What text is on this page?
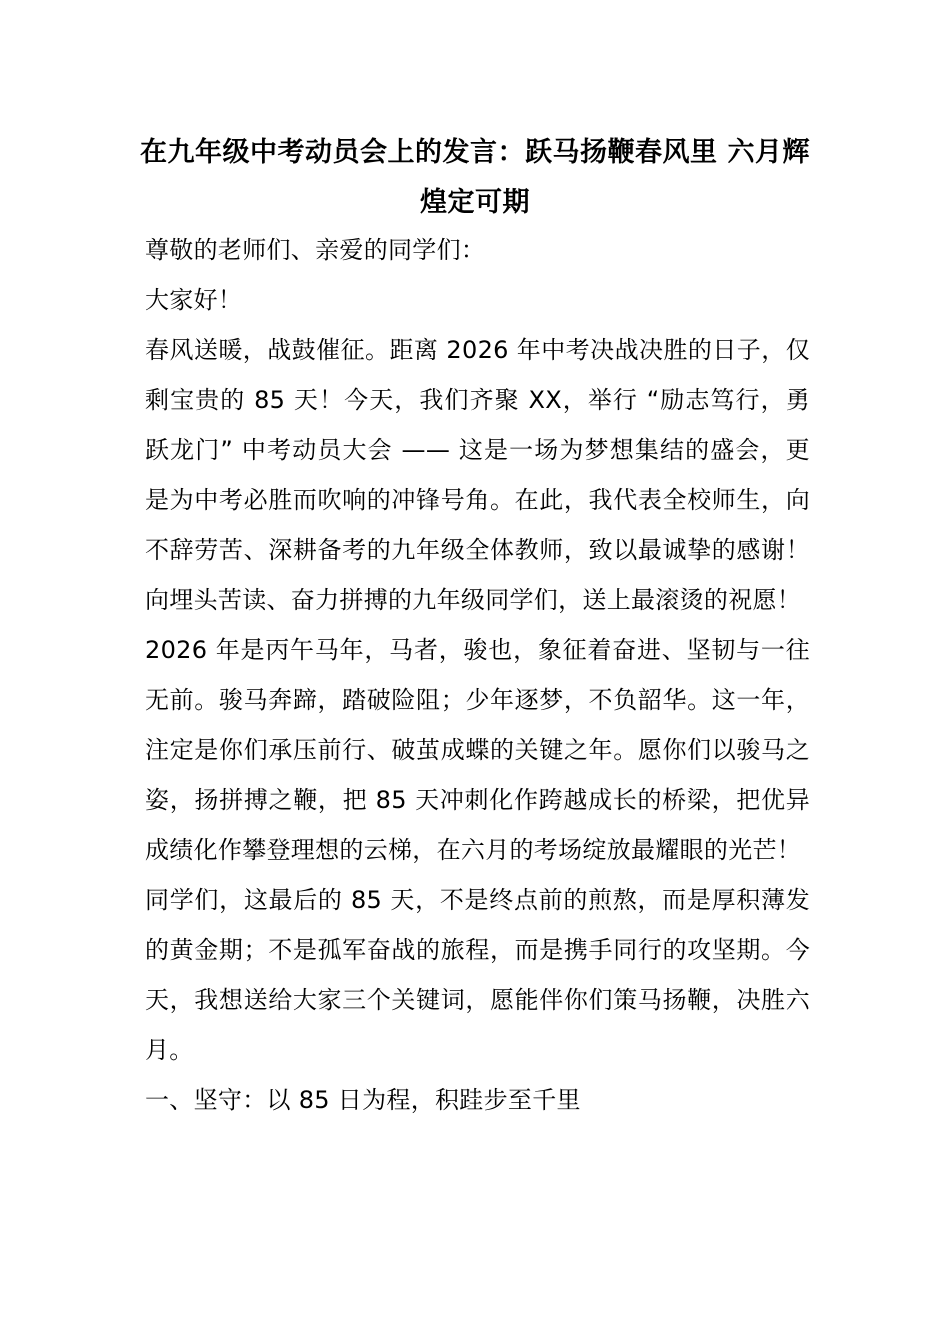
在九年级中考动员会上的发言：跃马扬鞭春风里 六月辉煌定可期

尊敬的老师们、亲爱的同学们：

大家好！

春风送暖，战鼓催征。距离 2026 年中考决战决胜的日子，仅剩宝贵的 85 天！今天，我们齐聚 XX，举行 “励志笃行，勇跃龙门” 中考动员大会 —— 这是一场为梦想集结的盛会，更是为中考必胜而吹响的冲锋号角。在此，我代表全校师生，向不辞劳苦、深耕备考的九年级全体教师，致以最诚挚的感谢！向埋头苦读、奋力拼搏的九年级同学们，送上最滚烫的祝愿！

2026 年是丙午马年，马者，骏也，象征着奋进、坚韧与一往无前。骏马奔蹄，踏破险阻；少年逐梦，不负韶华。这一年，注定是你们承压前行、破茧成蝶的关键之年。愿你们以骏马之姿，扬拼搏之鞭，把 85 天冲刺化作跨越成长的桥梁，把优异成绩化作攀登理想的云梯，在六月的考场绽放最耀眼的光芒！

同学们，这最后的 85 天，不是终点前的煎熬，而是厚积薄发的黄金期；不是孤军奋战的旅程，而是携手同行的攻坚期。今天，我想送给大家三个关键词，愿能伴你们策马扬鞭，决胜六月。

一、坚守：以 85 日为程，积跬步至千里
